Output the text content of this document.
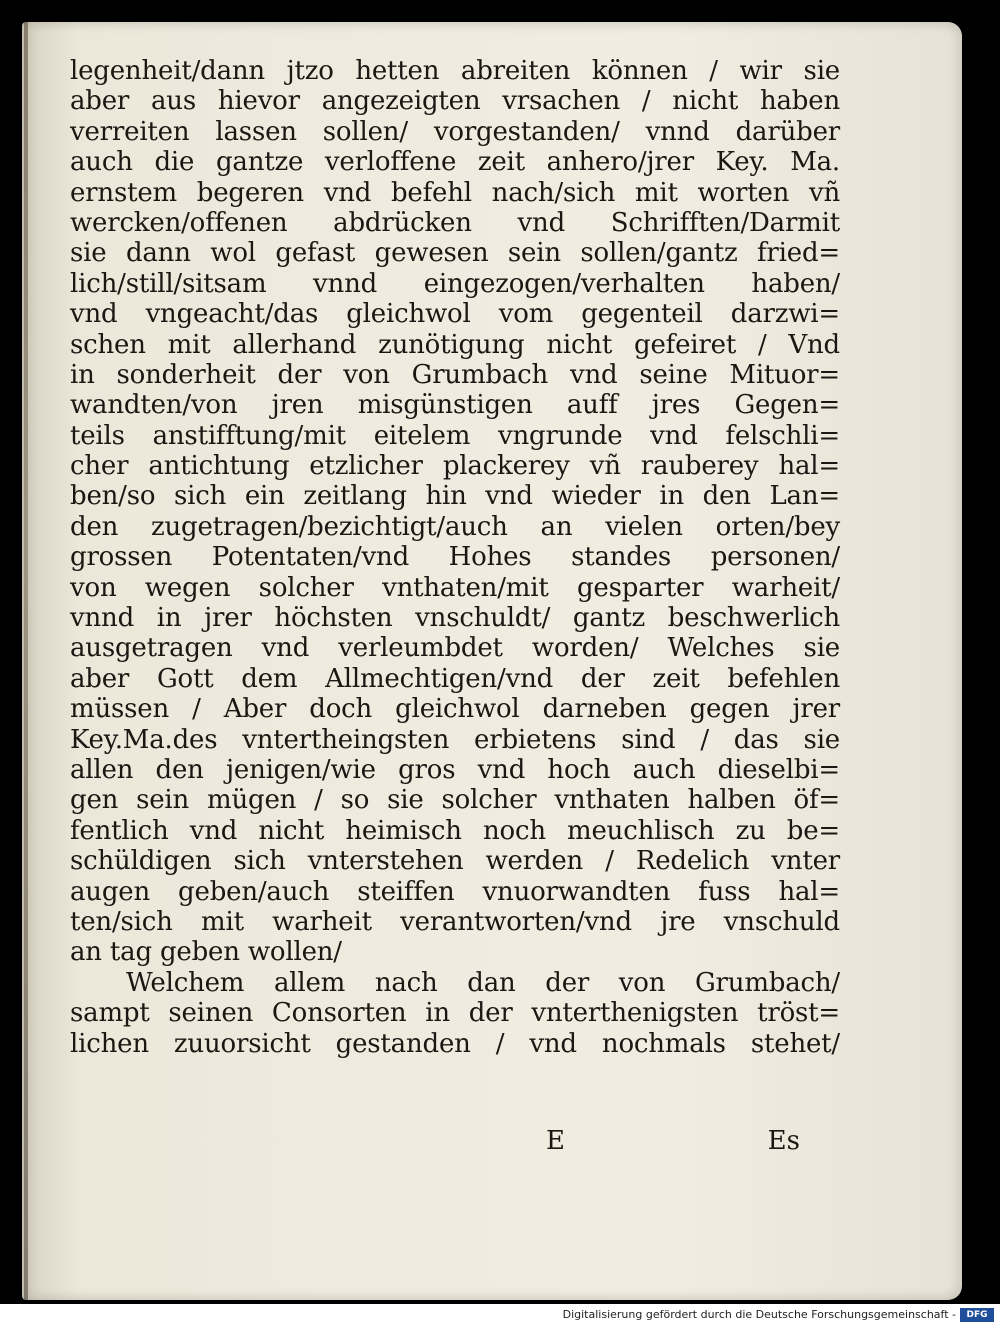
legenheit/dann jtzo hetten abreiten können / wir sie
aber aus hievor angezeigten vrsachen / nicht haben
verreiten lassen sollen/ vorgestanden/ vnnd darüber
auch die gantze verloffene zeit anhero/jrer Key. Ma.
ernstem begeren vnd befehl nach/sich mit worten vñ
wercken/offenen abdrücken vnd Schrifften/Darmit
sie dann wol gefast gewesen sein sollen/gantz fried=
lich/still/sitsam vnnd eingezogen/verhalten haben/
vnd vngeacht/das gleichwol vom gegenteil darzwi=
schen mit allerhand zunötigung nicht gefeiret / Vnd
in sonderheit der von Grumbach vnd seine Mituor=
wandten/von jren misgünstigen auff jres Gegen=
teils anstifftung/mit eitelem vngrunde vnd felschli=
cher antichtung etzlicher plackerey vñ rauberey hal=
ben/so sich ein zeitlang hin vnd wieder in den Lan=
den zugetragen/bezichtigt/auch an vielen orten/bey
grossen Potentaten/vnd Hohes standes personen/
von wegen solcher vnthaten/mit gesparter warheit/
vnnd in jrer höchsten vnschuldt/ gantz beschwerlich
ausgetragen vnd verleumbdet worden/ Welches sie
aber Gott dem Allmechtigen/vnd der zeit befehlen
müssen / Aber doch gleichwol darneben gegen jrer
Key.Ma.des vntertheingsten erbietens sind / das sie
allen den jenigen/wie gros vnd hoch auch dieselbi=
gen sein mügen / so sie solcher vnthaten halben öf=
fentlich vnd nicht heimisch noch meuchlisch zu be=
schüldigen sich vnterstehen werden / Redelich vnter
augen geben/auch steiffen vnuorwandten fuss hal=
ten/sich mit warheit verantworten/vnd jre vnschuld
an tag geben wollen/
Welchem allem nach dan der von Grumbach/
sampt seinen Consorten in der vnterthenigsten tröst=
lichen zuuorsicht gestanden / vnd nochmals stehet/
E	Es
Digitalisierung gefördert durch die Deutsche Forschungsgemeinschaft -	DFG
